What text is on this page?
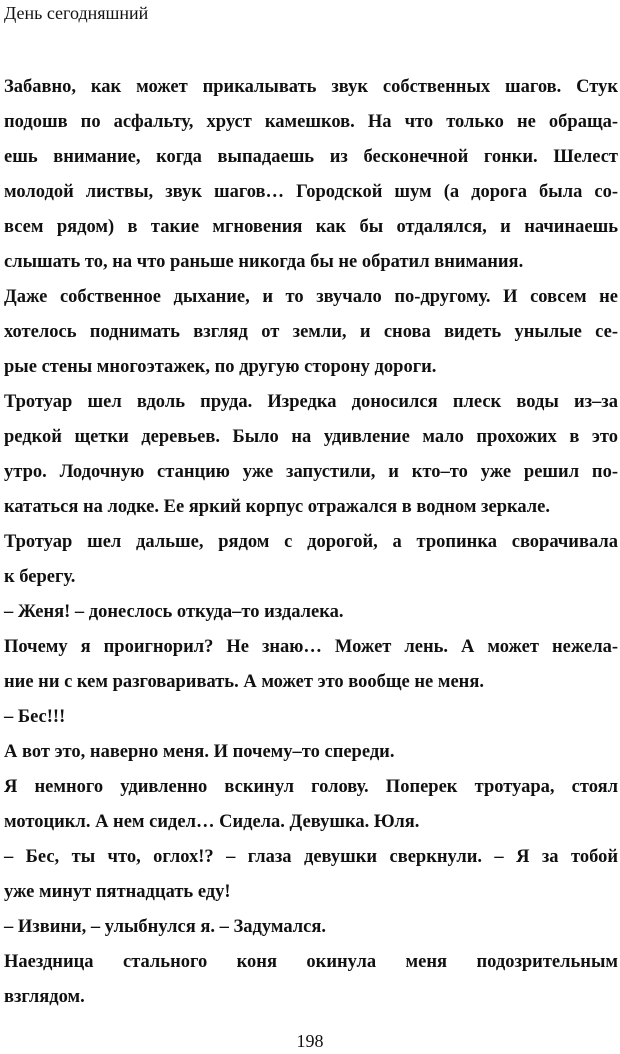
День сегодняшний
Забавно, как может прикалывать звук собственных шагов. Стук
подошв по асфальту, хруст камешков. На что только не обраща-
ешь внимание, когда выпадаешь из бесконечной гонки. Шелест
молодой листвы, звук шагов… Городской шум (а дорога была со-
всем рядом) в такие мгновения как бы отдалялся, и начинаешь
слышать то, на что раньше никогда бы не обратил внимания.
Даже собственное дыхание, и то звучало по-другому. И совсем не
хотелось поднимать взгляд от земли, и снова видеть унылые се-
рые стены многоэтажек, по другую сторону дороги.
Тротуар шел вдоль пруда. Изредка доносился плеск воды из–за
редкой щетки деревьев. Было на удивление мало прохожих в это
утро. Лодочную станцию уже запустили, и кто–то уже решил по-
кататься на лодке. Ее яркий корпус отражался в водном зеркале.
Тротуар шел дальше, рядом с дорогой, а тропинка сворачивала
к берегу.
– Женя! – донеслось откуда–то издалека.
Почему я проигнорил? Не знаю… Может лень. А может нежела-
ние ни с кем разговаривать. А может это вообще не меня.
– Бес!!!
А вот это, наверно меня. И почему–то спереди.
Я немного удивленно вскинул голову. Поперек тротуара, стоял
мотоцикл. А нем сидел… Сидела. Девушка. Юля.
– Бес, ты что, оглох!? – глаза девушки сверкнули. – Я за тобой
уже минут пятнадцать еду!
– Извини, – улыбнулся я. – Задумался.
Наездница стального коня окинула меня подозрительным
взглядом.
198
